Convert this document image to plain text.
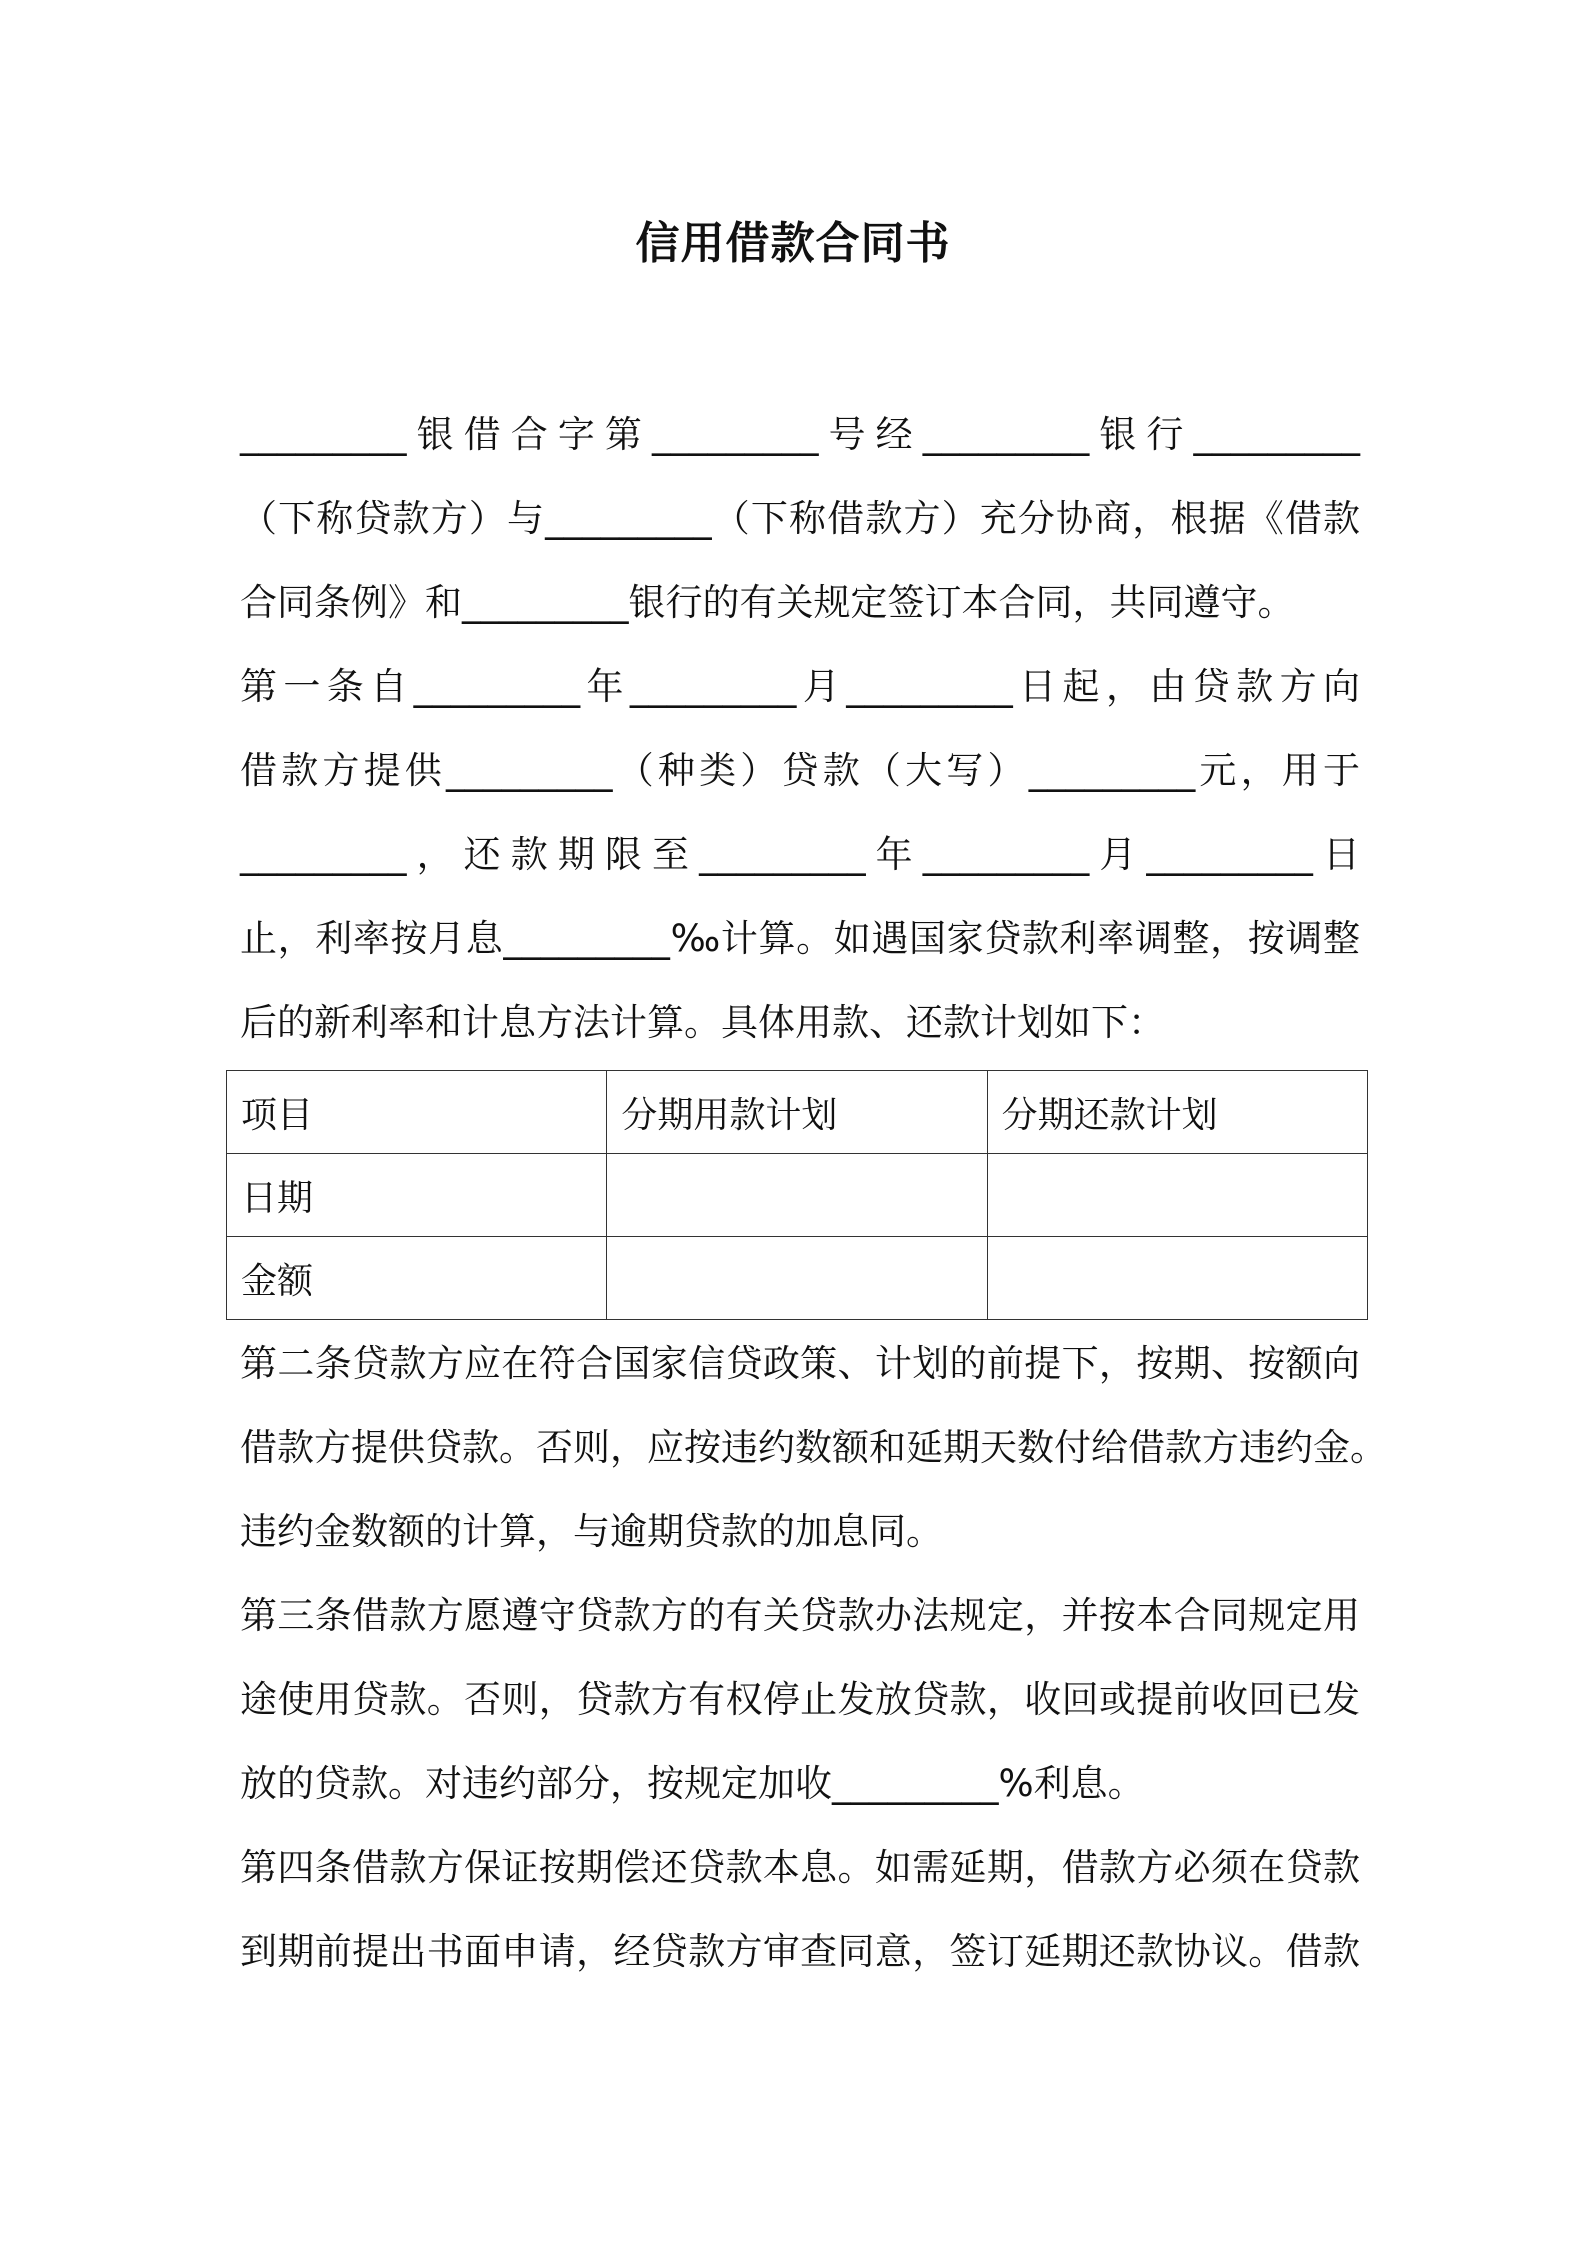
信用借款合同书
_________银借合字第_________号经_________银行_________
（下称贷款方）与_________（下称借款方）充分协商，根据《借款
合同条例》和_________银行的有关规定签订本合同，共同遵守。
第一条自_________年_________月_________日起，由贷款方向
借款方提供_________（种类）贷款（大写）_________元，用于
_________，还款期限至_________年_________月_________日
止，利率按月息_________‰计算。如遇国家贷款利率调整，按调整
后的新利率和计息方法计算。具体用款、还款计划如下：
项目	分期用款计划	分期还款计划
日期		
金额		
第二条贷款方应在符合国家信贷政策、计划的前提下，按期、按额向
借款方提供贷款。否则，应按违约数额和延期天数付给借款方违约金。
违约金数额的计算，与逾期贷款的加息同。
第三条借款方愿遵守贷款方的有关贷款办法规定，并按本合同规定用
途使用贷款。否则，贷款方有权停止发放贷款，收回或提前收回已发
放的贷款。对违约部分，按规定加收_________%利息。
第四条借款方保证按期偿还贷款本息。如需延期，借款方必须在贷款
到期前提出书面申请，经贷款方审查同意，签订延期还款协议。借款
